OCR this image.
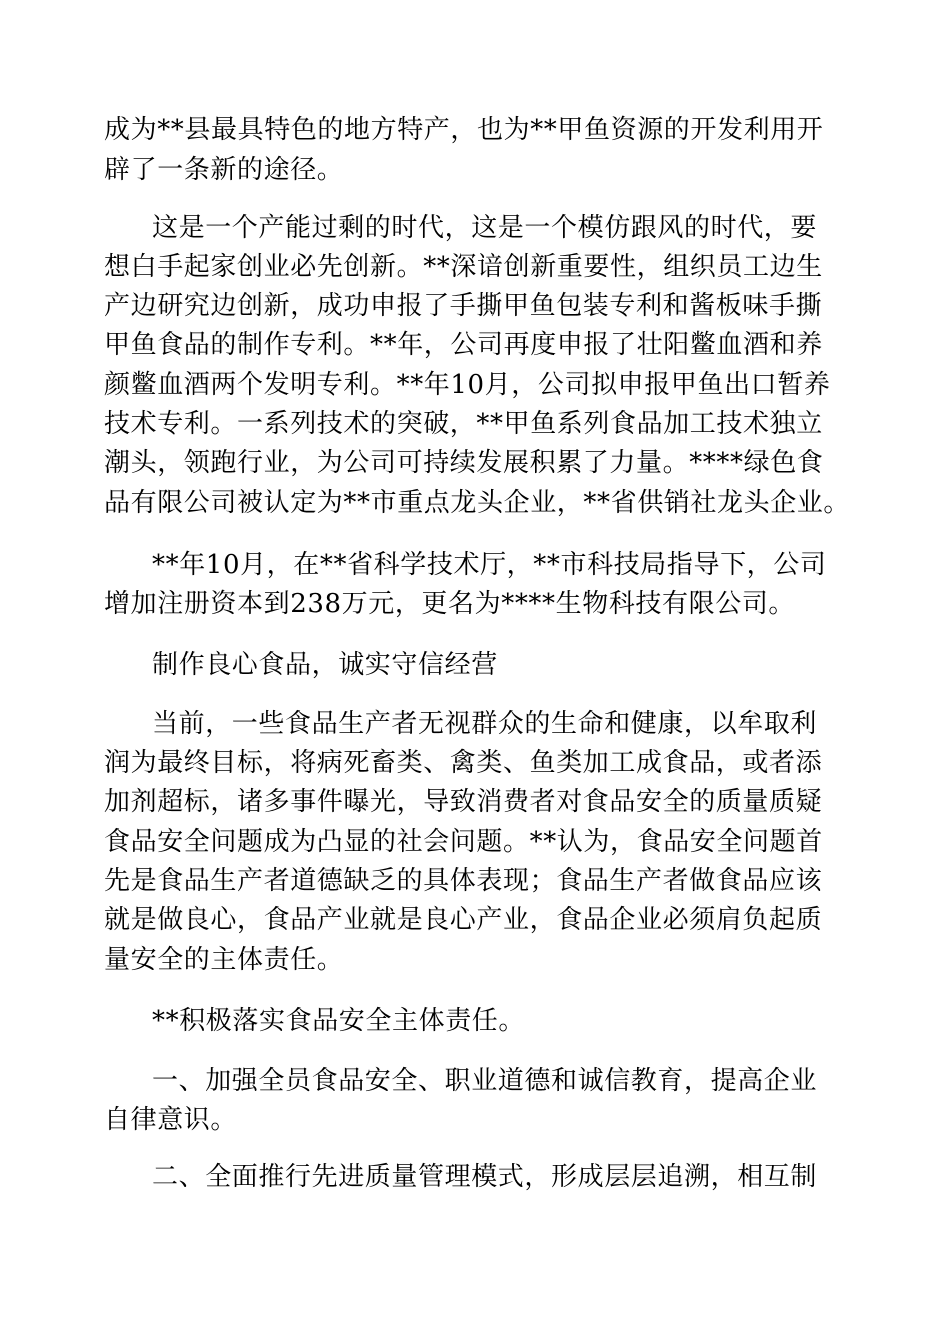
成为**县最具特色的地方特产，也为**甲鱼资源的开发利用开

辟了一条新的途径。

这是一个产能过剩的时代，这是一个模仿跟风的时代，要

想白手起家创业必先创新。**深谙创新重要性，组织员工边生

产边研究边创新，成功申报了手撕甲鱼包装专利和酱板味手撕

甲鱼食品的制作专利。**年，公司再度申报了壮阳鳖血酒和养

颜鳖血酒两个发明专利。**年10月，公司拟申报甲鱼出口暂养

技术专利。一系列技术的突破，**甲鱼系列食品加工技术独立

潮头，领跑行业，为公司可持续发展积累了力量。****绿色食

品有限公司被认定为**市重点龙头企业，**省供销社龙头企业。

**年10月，在**省科学技术厅，**市科技局指导下，公司

增加注册资本到238万元，更名为****生物科技有限公司。

制作良心食品，诚实守信经营

当前，一些食品生产者无视群众的生命和健康，以牟取利

润为最终目标，将病死畜类、禽类、鱼类加工成食品，或者添

加剂超标，诸多事件曝光，导致消费者对食品安全的质量质疑

食品安全问题成为凸显的社会问题。**认为，食品安全问题首

先是食品生产者道德缺乏的具体表现；食品生产者做食品应该

就是做良心，食品产业就是良心产业，食品企业必须肩负起质

量安全的主体责任。

**积极落实食品安全主体责任。

一、加强全员食品安全、职业道德和诚信教育，提高企业

自律意识。

二、全面推行先进质量管理模式，形成层层追溯，相互制
